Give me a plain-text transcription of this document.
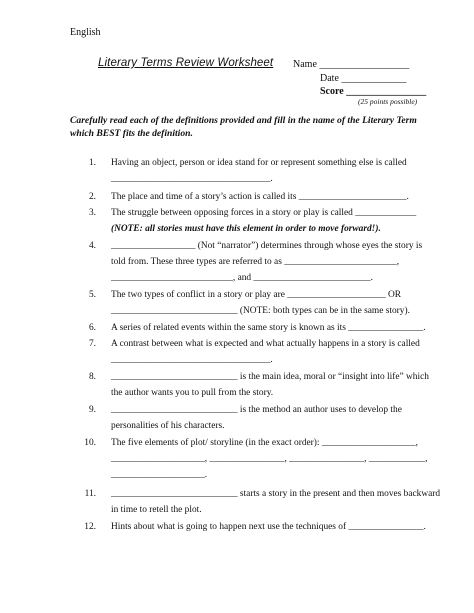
English
Literary Terms Review Worksheet Name __________________
Date _____________
Score ________________
(25 points possible)
Carefully read each of the definitions provided and fill in the name of the Literary Term which BEST fits the definition.
1. Having an object, person or idea stand for or represent something else is called
__________________________________.
2. The place and time of a story’s action is called its _______________________.
3. The struggle between opposing forces in a story or play is called _____________
(NOTE: all stories must have this element in order to move forward!).
4. __________________ (Not “narrator”) determines through whose eyes the story is
told from. These three types are referred to as ________________________,
__________________________, and _________________________.
5. The two types of conflict in a story or play are _____________________ OR
___________________________ (NOTE: both types can be in the same story).
6. A series of related events within the same story is known as its ________________.
7. A contrast between what is expected and what actually happens in a story is called
__________________________________.
8. ___________________________ is the main idea, moral or “insight into life” which
the author wants you to pull from the story.
9. ___________________________ is the method an author uses to develop the
personalities of his characters.
10. The five elements of plot/ storyline (in the exact order): ____________________,
____________________, ________________, ________________, ____________,
____________________.
11. ___________________________ starts a story in the present and then moves backward
in time to retell the plot.
12. Hints about what is going to happen next use the techniques of ________________.
